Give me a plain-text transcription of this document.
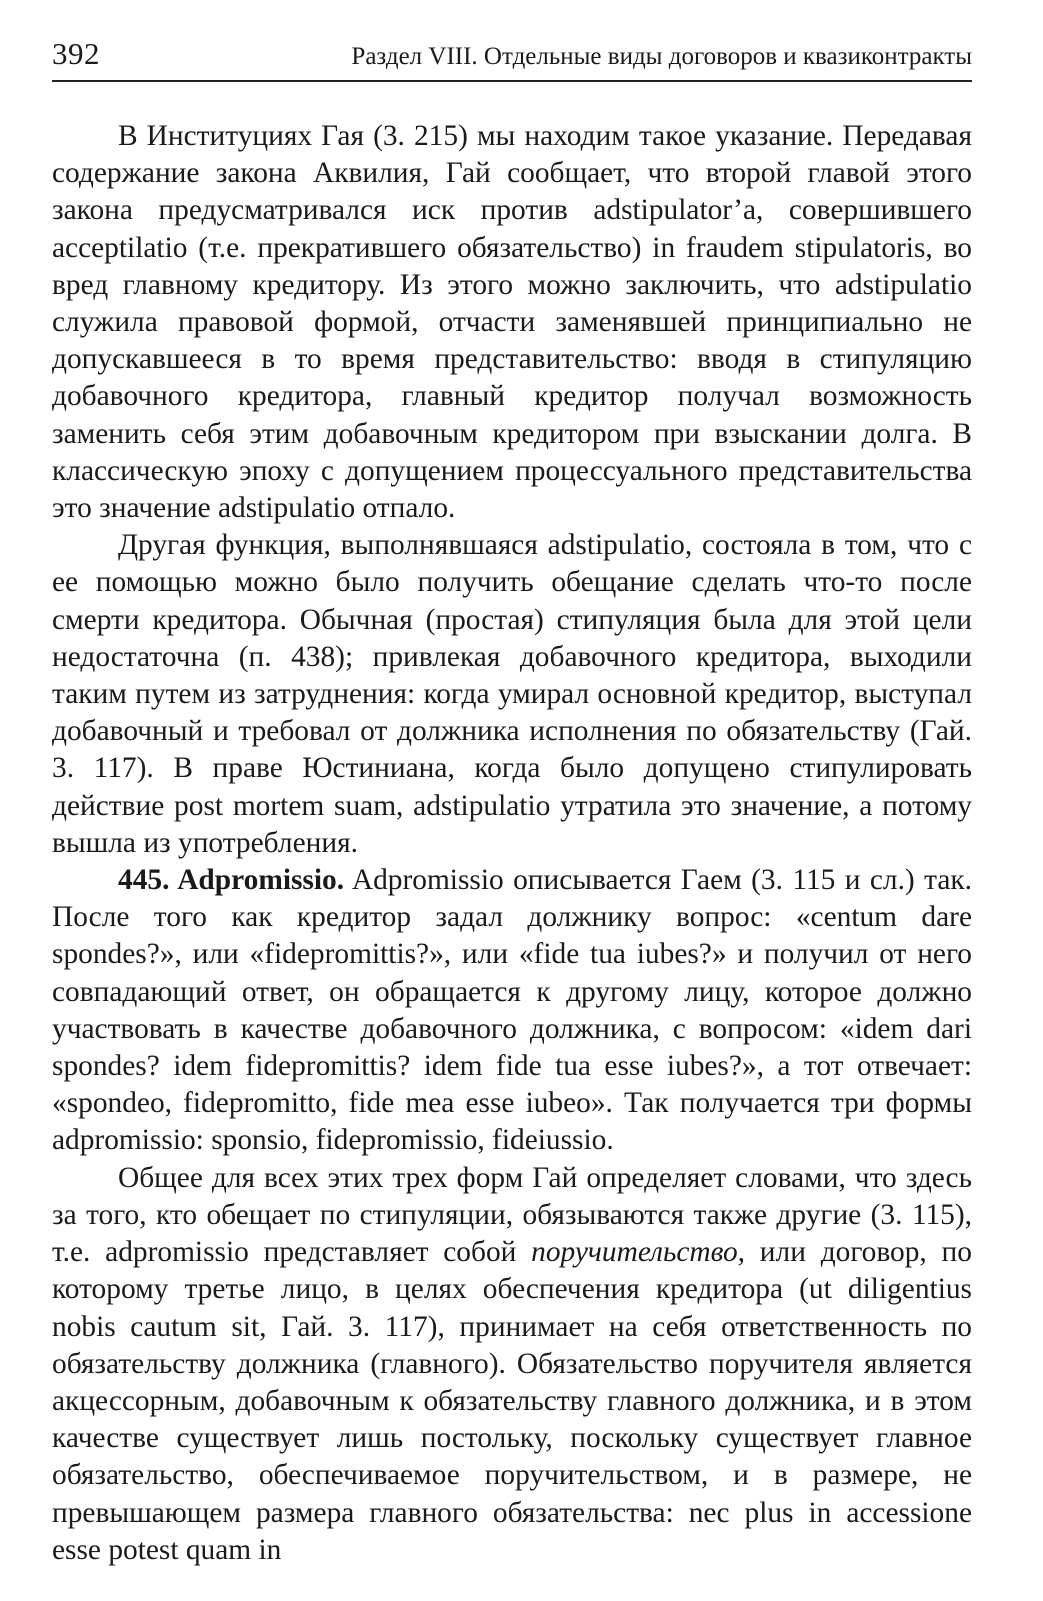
392	Раздел VIII. Отдельные виды договоров и квазиконтракты

В Институциях Гая (3. 215) мы находим такое указание. Передавая содержание закона Аквилия, Гай сообщает, что второй главой этого закона предусматривался иск против adstipulator’а, совершившего acceptilatio (т.е. прекратившего обязательство) in fraudem stipulatoris, во вред главному кредитору. Из этого можно заключить, что adstipulatio служила правовой формой, отчасти заменявшей принципиально не допускавшееся в то время представительство: вводя в стипуляцию добавочного кредитора, главный кредитор получал возможность заменить себя этим добавочным кредитором при взыскании долга. В классическую эпоху с допущением процессуального представительства это значение adstipulatio отпало.

Другая функция, выполнявшаяся adstipulatio, состояла в том, что с ее помощью можно было получить обещание сделать что-то после смерти кредитора. Обычная (простая) стипуляция была для этой цели недостаточна (п. 438); привлекая добавочного кредитора, выходили таким путем из затруднения: когда умирал основной кредитор, выступал добавочный и требовал от должника исполнения по обязательству (Гай. 3. 117). В праве Юстиниана, когда было допущено стипулировать действие post mortem suam, adstipulatio утратила это значение, а потому вышла из употребления.

445. Adpromissio. Adpromissio описывается Гаем (3. 115 и сл.) так. После того как кредитор задал должнику вопрос: «centum dare spondes?», или «fidepromittis?», или «fide tua iubes?» и получил от него совпадающий ответ, он обращается к другому лицу, которое должно участвовать в качестве добавочного должника, с вопросом: «idem dari spondes? idem fidepromittis? idem fide tua esse iubes?», а тот отвечает: «spondeo, fidepromitto, fide mea esse iubeo». Так получается три формы adpromissio: sponsio, fidepromissio, fideiussio.

Общее для всех этих трех форм Гай определяет словами, что здесь за того, кто обещает по стипуляции, обязываются также другие (3. 115), т.е. adpromissio представляет собой поручительство, или договор, по которому третье лицо, в целях обеспечения кредитора (ut diligentius nobis cautum sit, Гай. 3. 117), принимает на себя ответственность по обязательству должника (главного). Обязательство поручителя является акцессорным, добавочным к обязательству главного должника, и в этом качестве существует лишь постольку, поскольку существует главное обязательство, обеспечиваемое поручительством, и в размере, не превышающем размера главного обязательства: nec plus in accessione esse potest quam in
